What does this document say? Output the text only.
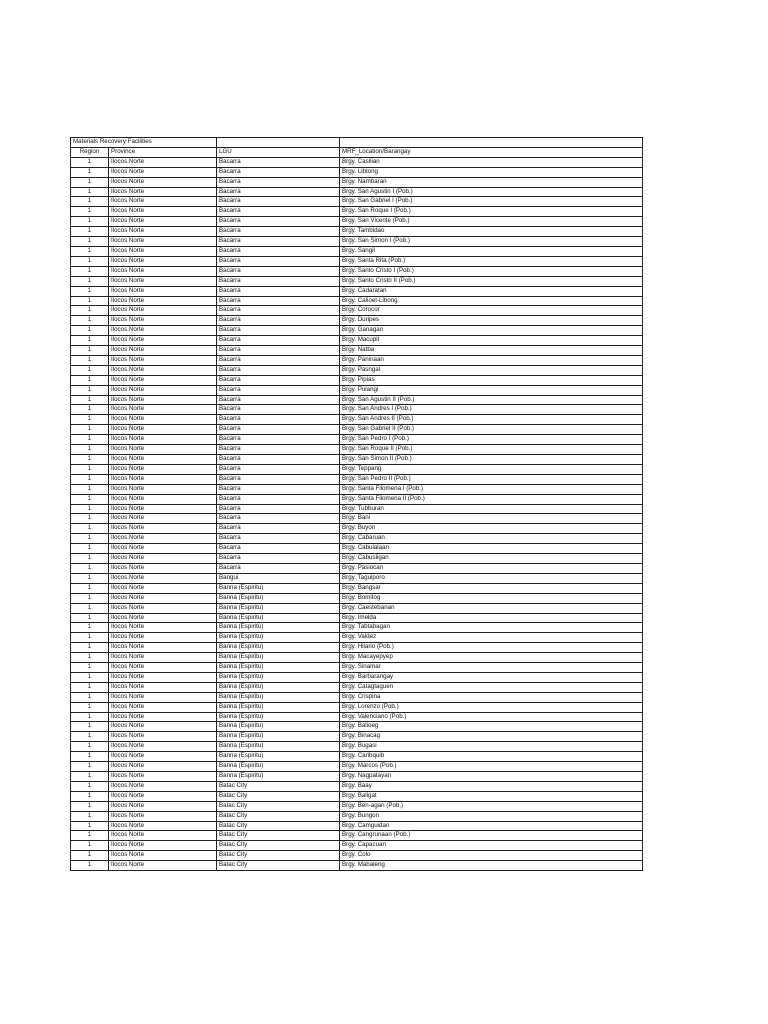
Materials Recovery Facilities			
Region	Province	LGU	MRF_Location/Barangay
1	Ilocos Norte	Bacarra	Brgy. Casilian
1	Ilocos Norte	Bacarra	Brgy. Libtong
1	Ilocos Norte	Bacarra	Brgy. Nambaran
1	Ilocos Norte	Bacarra	Brgy. San Agustin I (Pob.)
1	Ilocos Norte	Bacarra	Brgy. San Gabriel I (Pob.)
1	Ilocos Norte	Bacarra	Brgy. San Roque I (Pob.)
1	Ilocos Norte	Bacarra	Brgy. San Vicente (Pob.)
1	Ilocos Norte	Bacarra	Brgy. Tambidao
1	Ilocos Norte	Bacarra	Brgy. San Simon I (Pob.)
1	Ilocos Norte	Bacarra	Brgy. Sangil
1	Ilocos Norte	Bacarra	Brgy. Santa Rita (Pob.)
1	Ilocos Norte	Bacarra	Brgy. Santo Cristo I (Pob.)
1	Ilocos Norte	Bacarra	Brgy. Santo Cristo II (Pob.)
1	Ilocos Norte	Bacarra	Brgy. Cadaratan
1	Ilocos Norte	Bacarra	Brgy. Calioet-Libong
1	Ilocos Norte	Bacarra	Brgy. Corocor
1	Ilocos Norte	Bacarra	Brgy. Duripes
1	Ilocos Norte	Bacarra	Brgy. Ganagan
1	Ilocos Norte	Bacarra	Brgy. Macupit
1	Ilocos Norte	Bacarra	Brgy. Natba
1	Ilocos Norte	Bacarra	Brgy. Paninaan
1	Ilocos Norte	Bacarra	Brgy. Pasngal
1	Ilocos Norte	Bacarra	Brgy. Pipias
1	Ilocos Norte	Bacarra	Brgy. Pulangi
1	Ilocos Norte	Bacarra	Brgy. San Agustin II (Pob.)
1	Ilocos Norte	Bacarra	Brgy. San Andres I (Pob.)
1	Ilocos Norte	Bacarra	Brgy. San Andres II (Pob.)
1	Ilocos Norte	Bacarra	Brgy. San Gabriel II (Pob.)
1	Ilocos Norte	Bacarra	Brgy. San Pedro I (Pob.)
1	Ilocos Norte	Bacarra	Brgy. San Roque II (Pob.)
1	Ilocos Norte	Bacarra	Brgy. San Simon II (Pob.)
1	Ilocos Norte	Bacarra	Brgy. Teppang
1	Ilocos Norte	Bacarra	Brgy. San Pedro II (Pob.)
1	Ilocos Norte	Bacarra	Brgy. Santa Filomena I (Pob.)
1	Ilocos Norte	Bacarra	Brgy. Santa Filomena II (Pob.)
1	Ilocos Norte	Bacarra	Brgy. Tubburan
1	Ilocos Norte	Bacarra	Brgy. Bani
1	Ilocos Norte	Bacarra	Brgy. Buyon
1	Ilocos Norte	Bacarra	Brgy. Cabaruan
1	Ilocos Norte	Bacarra	Brgy. Cabulalaan
1	Ilocos Norte	Bacarra	Brgy. Cabusligan
1	Ilocos Norte	Bacarra	Brgy. Pasiocan
1	Ilocos Norte	Bangui	Brgy. Taguiporo
1	Ilocos Norte	Banna (Espiritu)	Brgy. Bangsar
1	Ilocos Norte	Banna (Espiritu)	Brgy. Bomitog
1	Ilocos Norte	Banna (Espiritu)	Brgy. Caestebanan
1	Ilocos Norte	Banna (Espiritu)	Brgy. Imelda
1	Ilocos Norte	Banna (Espiritu)	Brgy. Tabtabagan
1	Ilocos Norte	Banna (Espiritu)	Brgy. Valdez
1	Ilocos Norte	Banna (Espiritu)	Brgy. Hilario (Pob.)
1	Ilocos Norte	Banna (Espiritu)	Brgy. Macayepyep
1	Ilocos Norte	Banna (Espiritu)	Brgy. Sinamar
1	Ilocos Norte	Banna (Espiritu)	Brgy. Barbarangay
1	Ilocos Norte	Banna (Espiritu)	Brgy. Catagtaguen
1	Ilocos Norte	Banna (Espiritu)	Brgy. Crispina
1	Ilocos Norte	Banna (Espiritu)	Brgy. Lorenzo (Pob.)
1	Ilocos Norte	Banna (Espiritu)	Brgy. Valenciano (Pob.)
1	Ilocos Norte	Banna (Espiritu)	Brgy. Balioeg
1	Ilocos Norte	Banna (Espiritu)	Brgy. Binacag
1	Ilocos Norte	Banna (Espiritu)	Brgy. Bugasi
1	Ilocos Norte	Banna (Espiritu)	Brgy. Caribquib
1	Ilocos Norte	Banna (Espiritu)	Brgy. Marcos (Pob.)
1	Ilocos Norte	Banna (Espiritu)	Brgy. Nagpatayan
1	Ilocos Norte	Batac City	Brgy. Baay
1	Ilocos Norte	Batac City	Brgy. Baligat
1	Ilocos Norte	Batac City	Brgy. Ben-agan (Pob.)
1	Ilocos Norte	Batac City	Brgy. Bungon
1	Ilocos Norte	Batac City	Brgy. Camguidan
1	Ilocos Norte	Batac City	Brgy. Cangrunaan (Pob.)
1	Ilocos Norte	Batac City	Brgy. Capacuan
1	Ilocos Norte	Batac City	Brgy. Colo
1	Ilocos Norte	Batac City	Brgy. Mabaleng
